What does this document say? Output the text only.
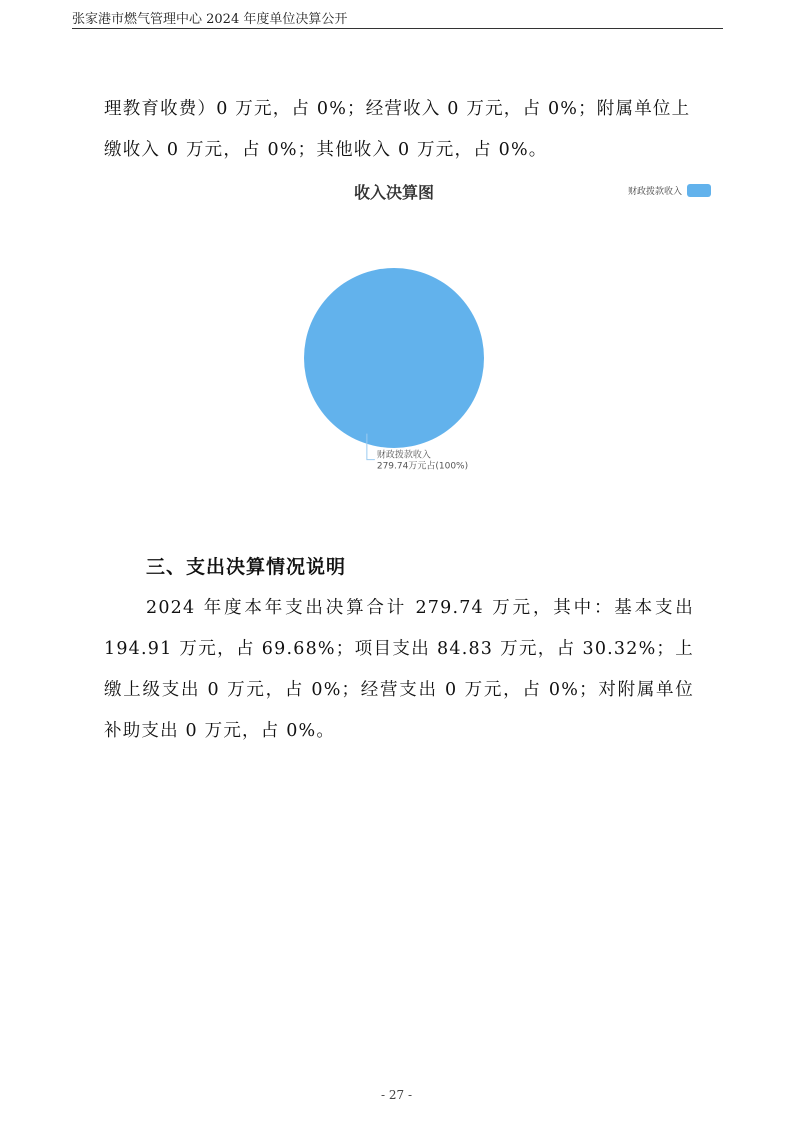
张家港市燃气管理中心 2024 年度单位决算公开

理教育收费）0 万元，占 0%；经营收入 0 万元，占 0%；附属单位上缴收入 0 万元，占 0%；其他收入 0 万元，占 0%。

收入决算图	财政拨款收入
财政拨款收入
279.74万元占(100%)
三、支出决算情况说明

2024 年度本年支出决算合计 279.74 万元，其中：基本支出 194.91 万元，占 69.68%；项目支出 84.83 万元，占 30.32%；上缴上级支出 0 万元，占 0%；经营支出 0 万元，占 0%；对附属单位补助支出 0 万元，占 0%。

- 27 -
